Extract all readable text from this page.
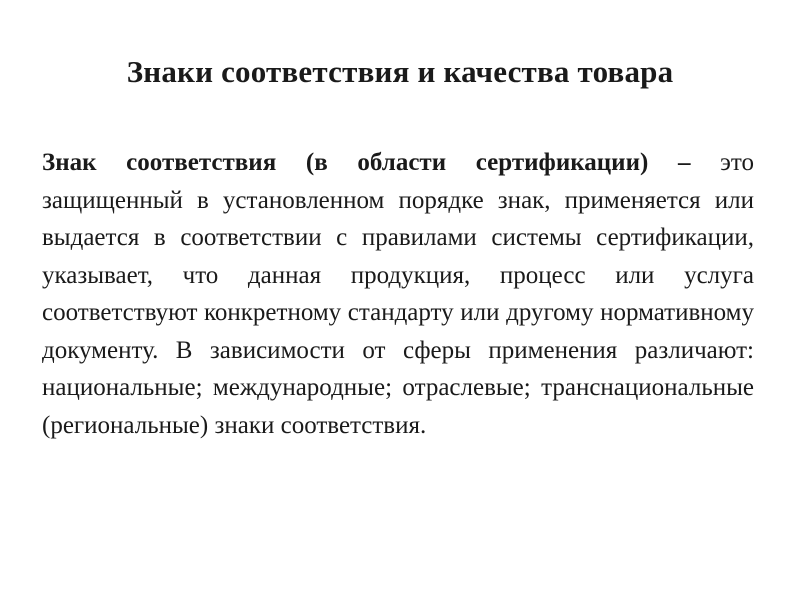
Знаки соответствия и качества товара

Знак соответствия (в области сертификации) – это защищенный в установленном порядке знак, применяется или выдается в соответствии с правилами системы сертификации, указывает, что данная продукция, процесс или услуга соответствуют конкретному стандарту или другому нормативному документу. В зависимости от сферы применения различают: национальные; международные; отраслевые; транснациональные (региональные) знаки соответствия.
